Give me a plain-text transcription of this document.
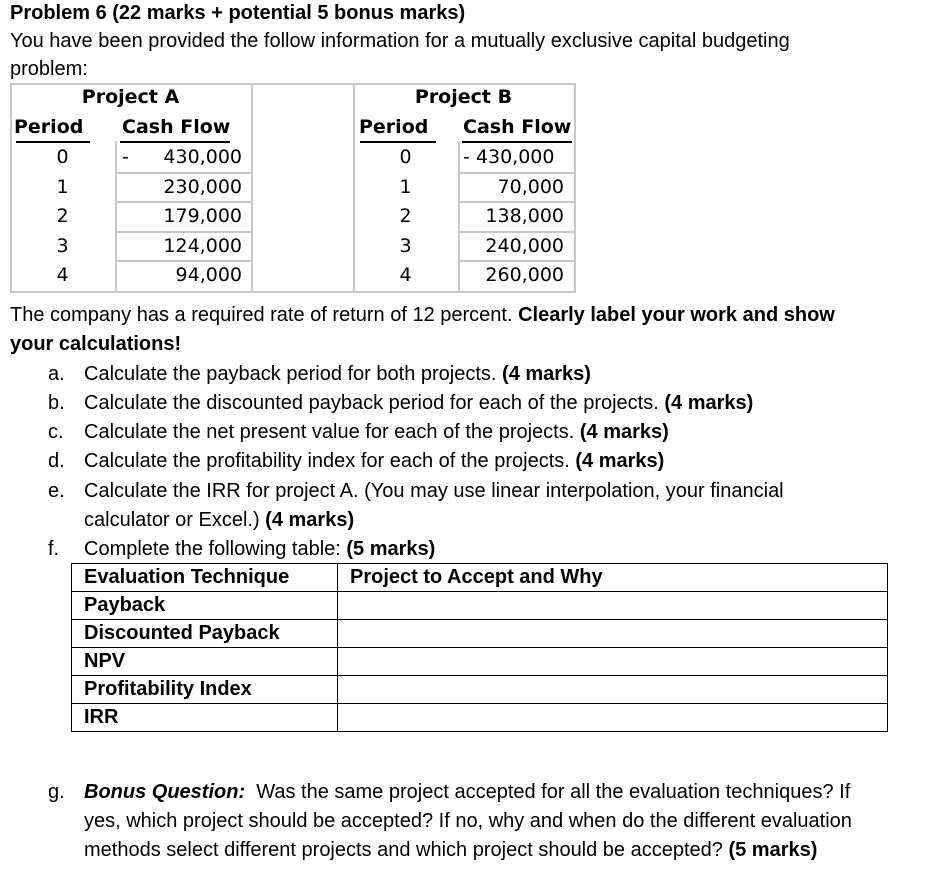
Problem 6 (22 marks + potential 5 bonus marks)
You have been provided the follow information for a mutually exclusive capital budgeting
problem:
Project A
Period Cash Flow
0	-	430,000
1	230,000
2	179,000
3	124,000
4	94,000
Project B
Period Cash Flow
0	- 430,000
1	70,000
2	138,000
3	240,000
4	260,000
The company has a required rate of return of 12 percent. Clearly label your work and show
your calculations!
a. Calculate the payback period for both projects. (4 marks)
b. Calculate the discounted payback period for each of the projects. (4 marks)
c. Calculate the net present value for each of the projects. (4 marks)
d. Calculate the profitability index for each of the projects. (4 marks)
e. Calculate the IRR for project A. (You may use linear interpolation, your financial
calculator or Excel.) (4 marks)
f. Complete the following table: (5 marks)
Evaluation Technique	Project to Accept and Why
Payback	
Discounted Payback	
NPV	
Profitability Index	
IRR	
g. Bonus Question:  Was the same project accepted for all the evaluation techniques? If
yes, which project should be accepted? If no, why and when do the different evaluation
methods select different projects and which project should be accepted? (5 marks)
